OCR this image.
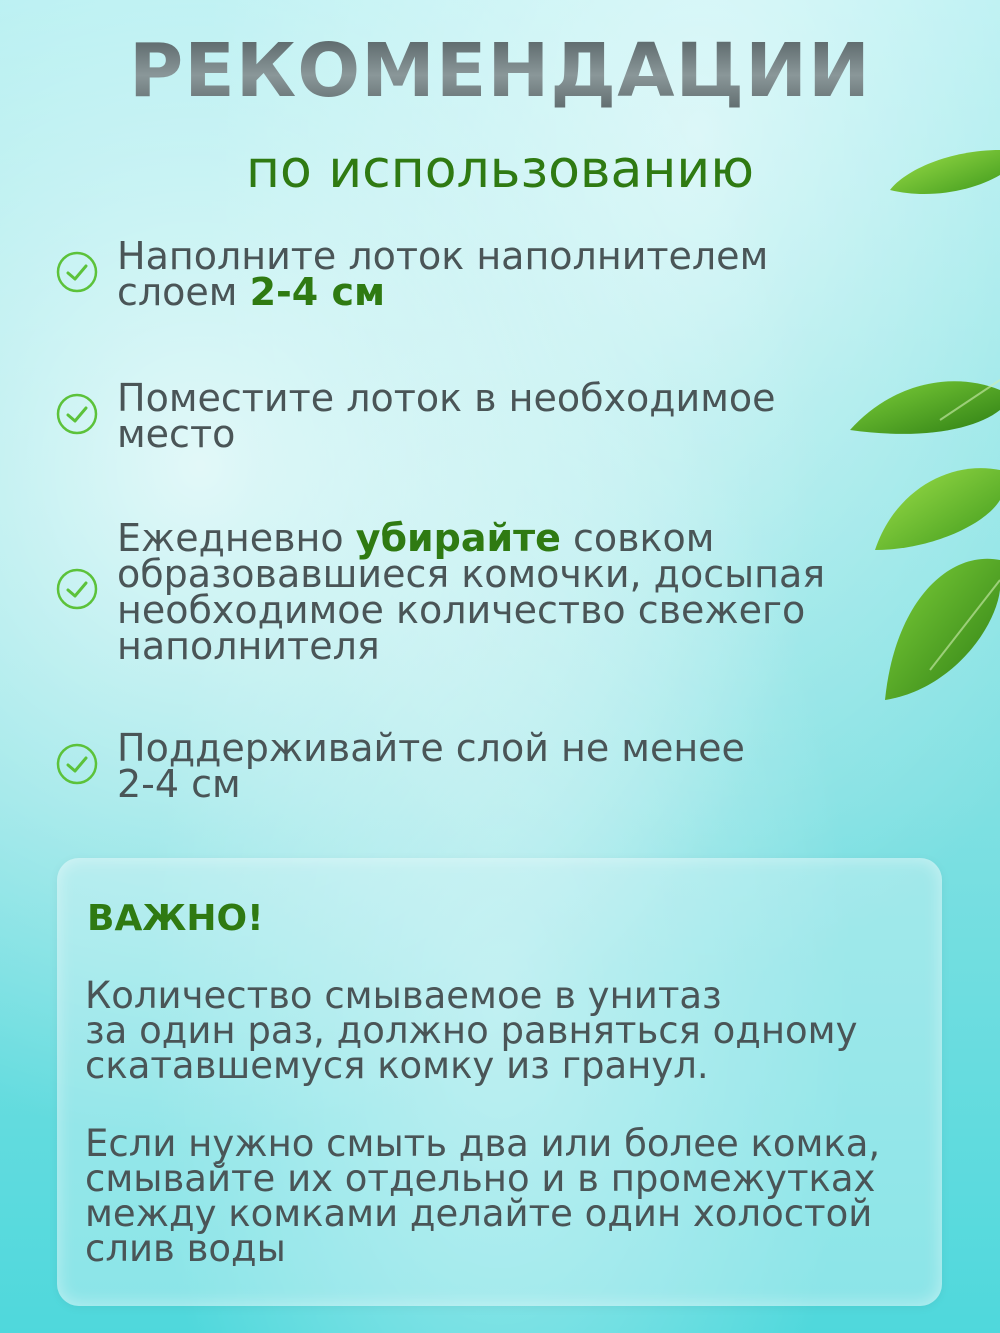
РЕКОМЕНДАЦИИ
по использованию
Наполните лоток наполнителем
слоем 2-4 см
Поместите лоток в необходимое
место
Ежедневно убирайте совком
образовавшиеся комочки, досыпая
необходимое количество свежего
наполнителя
Поддерживайте слой не менее
2-4 см
ВАЖНО!
Количество смываемое в унитаз
за один раз, должно равняться одному
скатавшемуся комку из гранул.
Если нужно смыть два или более комка,
смывайте их отдельно и в промежутках
между комками делайте один холостой
слив воды
